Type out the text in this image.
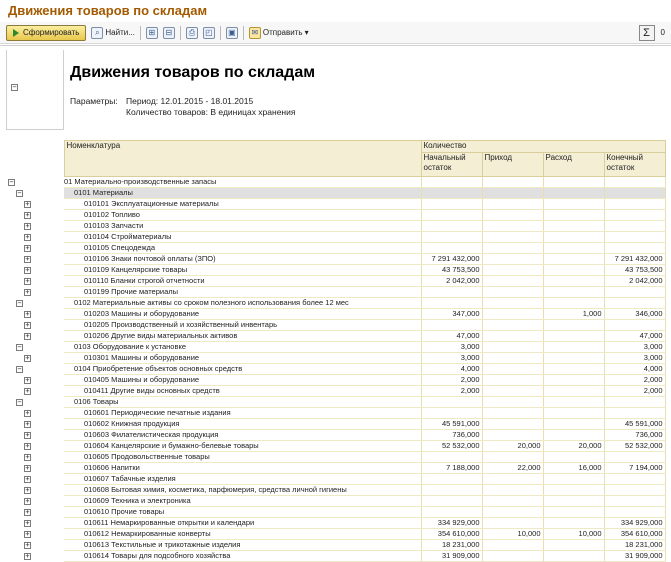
Движения товаров по складам
Сформировать	⌕ Найти...	⊞	⊟	⎙	◰ ▣	✉ Отправить ▾	Σ	0
−
Движения товаров по складам
Параметры: Период: 12.01.2015 - 18.01.2015
Количество товаров: В единицах хранения
	Номенклатура	Количество			
		Начальный остаток	Приход	Расход	Конечный остаток

−	01 Материально-производственные запасы				

−	0101 Материалы				

+	010101 Эксплуатационные материалы				

+	010102 Топливо				

+	010103 Запчасти				

+	010104 Стройматериалы				

+	010105 Спецодежда				

+	010106 Знаки почтовой оплаты (ЗПО)	7 291 432,000			7 291 432,000

+	010109 Канцелярские товары	43 753,500			43 753,500

+	010110 Бланки строгой отчетности	2 042,000			2 042,000

+	010199 Прочие материалы				

−	0102 Материальные активы со сроком полезного использования более 12 мес				

+	010203 Машины и оборудование	347,000		1,000	346,000

+	010205 Производственный и хозяйственный инвентарь				

+	010206 Другие виды материальных активов	47,000			47,000

−	0103 Оборудование к установке	3,000			3,000

+	010301 Машины и оборудование	3,000			3,000

−	0104 Приобретение объектов основных средств	4,000			4,000

+	010405 Машины и оборудование	2,000			2,000

+	010411 Другие виды основных средств	2,000			2,000

−	0106 Товары				

+	010601 Периодические печатные издания				

+	010602 Книжная продукция	45 591,000			45 591,000

+	010603 Филателистическая продукция	736,000			736,000

+	010604 Канцелярские и бумажно-белевые товары	52 532,000	20,000	20,000	52 532,000

+	010605 Продовольственные товары				

+	010606 Напитки	7 188,000	22,000	16,000	7 194,000

+	010607 Табачные изделия				

+	010608 Бытовая химия, косметика, парфюмерия, средства личной гигиены				

+	010609 Техника и электроника				

+	010610 Прочие товары				

+	010611 Немаркированные открытки и календари	334 929,000			334 929,000

+	010612 Немаркированные конверты	354 610,000	10,000	10,000	354 610,000

+	010613 Текстильные и трикотажные изделия	18 231,000			18 231,000

+	010614 Товары для подсобного хозяйства	31 909,000			31 909,000
